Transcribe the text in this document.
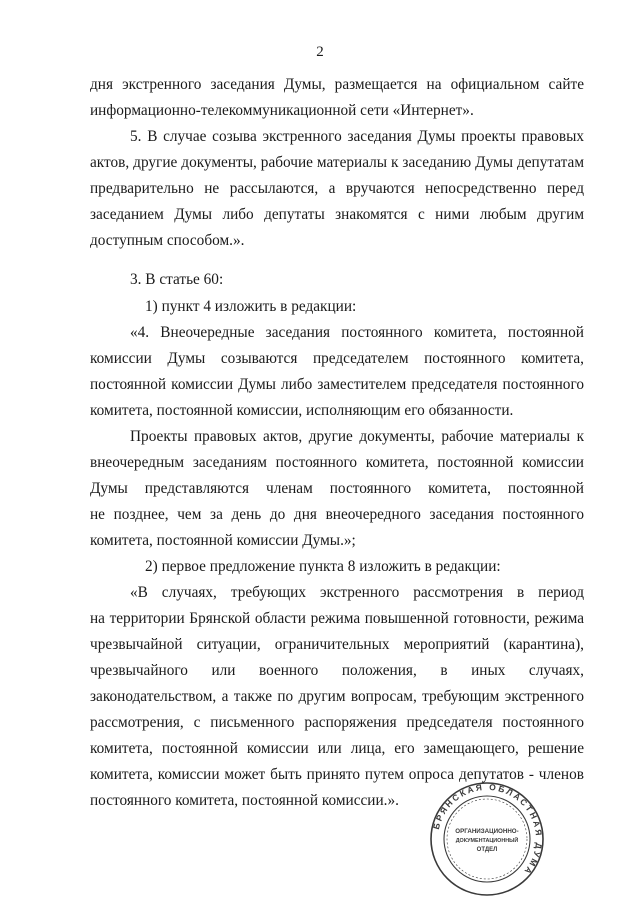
2
дня экстренного заседания Думы, размещается на официальном сайте
информационно-телекоммуникационной сети «Интернет».
5. В случае созыва экстренного заседания Думы проекты правовых
актов, другие документы, рабочие материалы к заседанию Думы депутатам
предварительно не рассылаются, а вручаются непосредственно перед
заседанием Думы либо депутаты знакомятся с ними любым другим
доступным способом.».
3. В статье 60:
1) пункт 4 изложить в редакции:
«4. Внеочередные заседания постоянного комитета, постоянной
комиссии Думы созываются председателем постоянного комитета,
постоянной комиссии Думы либо заместителем председателя постоянного
комитета, постоянной комиссии, исполняющим его обязанности.
Проекты правовых актов, другие документы, рабочие материалы к
внеочередным заседаниям постоянного комитета, постоянной комиссии
Думы представляются членам постоянного комитета, постоянной
не позднее, чем за день до дня внеочередного заседания постоянного
комитета, постоянной комиссии Думы.»;
2) первое предложение пункта 8 изложить в редакции:
«В случаях, требующих экстренного рассмотрения в период
на территории Брянской области режима повышенной готовности, режима
чрезвычайной ситуации, ограничительных мероприятий (карантина),
чрезвычайного или военного положения, в иных случаях,
законодательством, а также по другим вопросам, требующим экстренного
рассмотрения, с письменного распоряжения председателя постоянного
комитета, постоянной комиссии или лица, его замещающего, решение
комитета, комиссии может быть принято путем опроса депутатов - членов
постоянного комитета, постоянной комиссии.».
БРЯНСКАЯ ОБЛАСТНАЯ ДУМА
ОРГАНИЗАЦИОННО-
ДОКУМЕНТАЦИОННЫЙ
ОТДЕЛ
